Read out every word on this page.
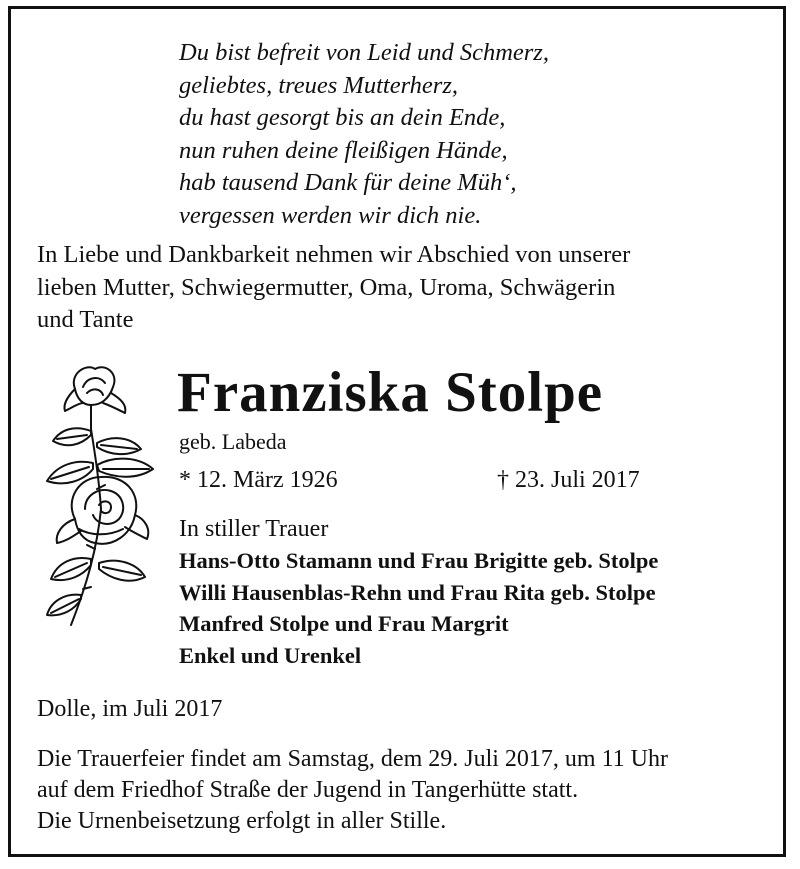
Du bist befreit von Leid und Schmerz,
geliebtes, treues Mutterherz,
du hast gesorgt bis an dein Ende,
nun ruhen deine fleißigen Hände,
hab tausend Dank für deine Müh‘,
vergessen werden wir dich nie.
In Liebe und Dankbarkeit nehmen wir Abschied von unserer
lieben Mutter, Schwiegermutter, Oma, Uroma, Schwägerin
und Tante
Franziska Stolpe
geb. Labeda
* 12. März 1926	† 23. Juli 2017
In stiller Trauer
Hans-Otto Stamann und Frau Brigitte geb. Stolpe
Willi Hausenblas-Rehn und Frau Rita geb. Stolpe
Manfred Stolpe und Frau Margrit
Enkel und Urenkel
Dolle, im Juli 2017
Die Trauerfeier findet am Samstag, dem 29. Juli 2017, um 11 Uhr
auf dem Friedhof Straße der Jugend in Tangerhütte statt.
Die Urnenbeisetzung erfolgt in aller Stille.
